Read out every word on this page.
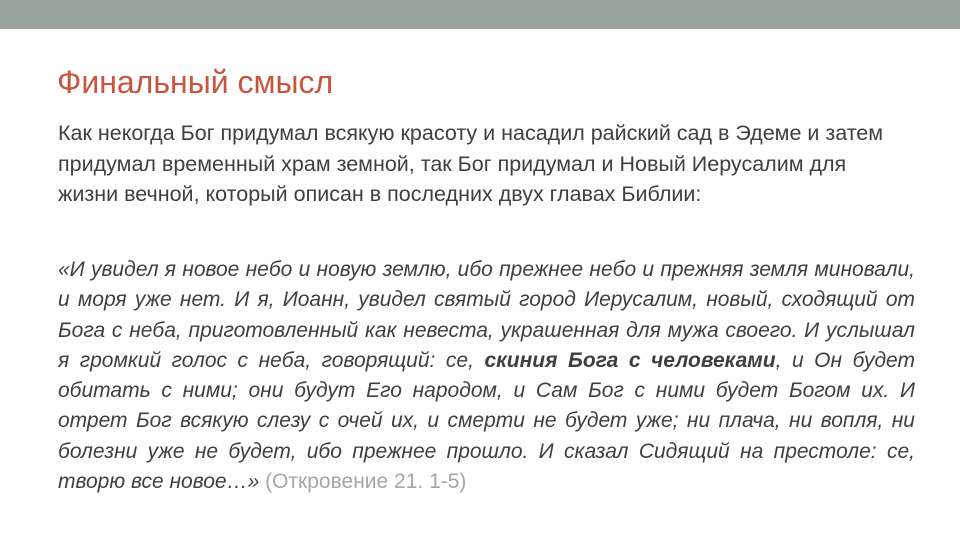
Финальный смысл

Как некогда Бог придумал всякую красоту и насадил райский сад в Эдеме и затем придумал временный храм земной, так Бог придумал и Новый Иерусалим для жизни вечной, который описан в последних двух главах Библии:

«И увидел я новое небо и новую землю, ибо прежнее небо и прежняя земля миновали, и моря уже нет. И я, Иоанн, увидел святый город Иерусалим, новый, сходящий от Бога с неба, приготовленный как невеста, украшенная для мужа своего. И услышал я громкий голос с неба, говорящий: се, скиния Бога с человеками, и Он будет обитать с ними; они будут Его народом, и Сам Бог с ними будет Богом их. И отрет Бог всякую слезу с очей их, и смерти не будет уже; ни плача, ни вопля, ни болезни уже не будет, ибо прежнее прошло. И сказал Сидящий на престоле: се, творю все новое…» (Откровение 21. 1-5)
